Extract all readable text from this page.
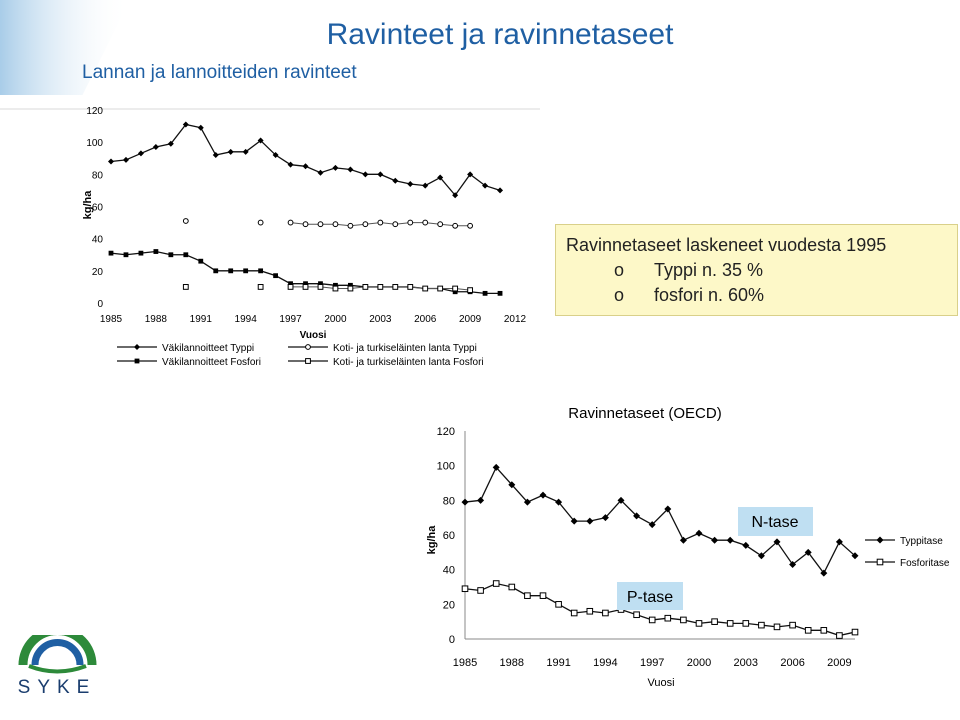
Ravinteet ja ravinnetaseet
Lannan ja lannoitteiden ravinteet
0
20
40
60
80
100
120
kg/ha
1985 1988 1991 1994 1997 2000 2003 2006 2009 2012
Vuosi
Väkilannoitteet Typpi
Väkilannoitteet Fosfori
Koti- ja turkiseläinten lanta Typpi
Koti- ja turkiseläinten lanta Fosfori
Ravinnetaseet laskeneet vuodesta 1995
o Typpi n. 35 %
o fosfori n. 60%
Ravinnetaseet (OECD)
0
20
40
60
80
100
120
kg/ha
1985 1988 1991 1994 1997 2000 2003 2006 2009
Vuosi
N-tase
P-tase
Typpitase
Fosforitase
SYKE
